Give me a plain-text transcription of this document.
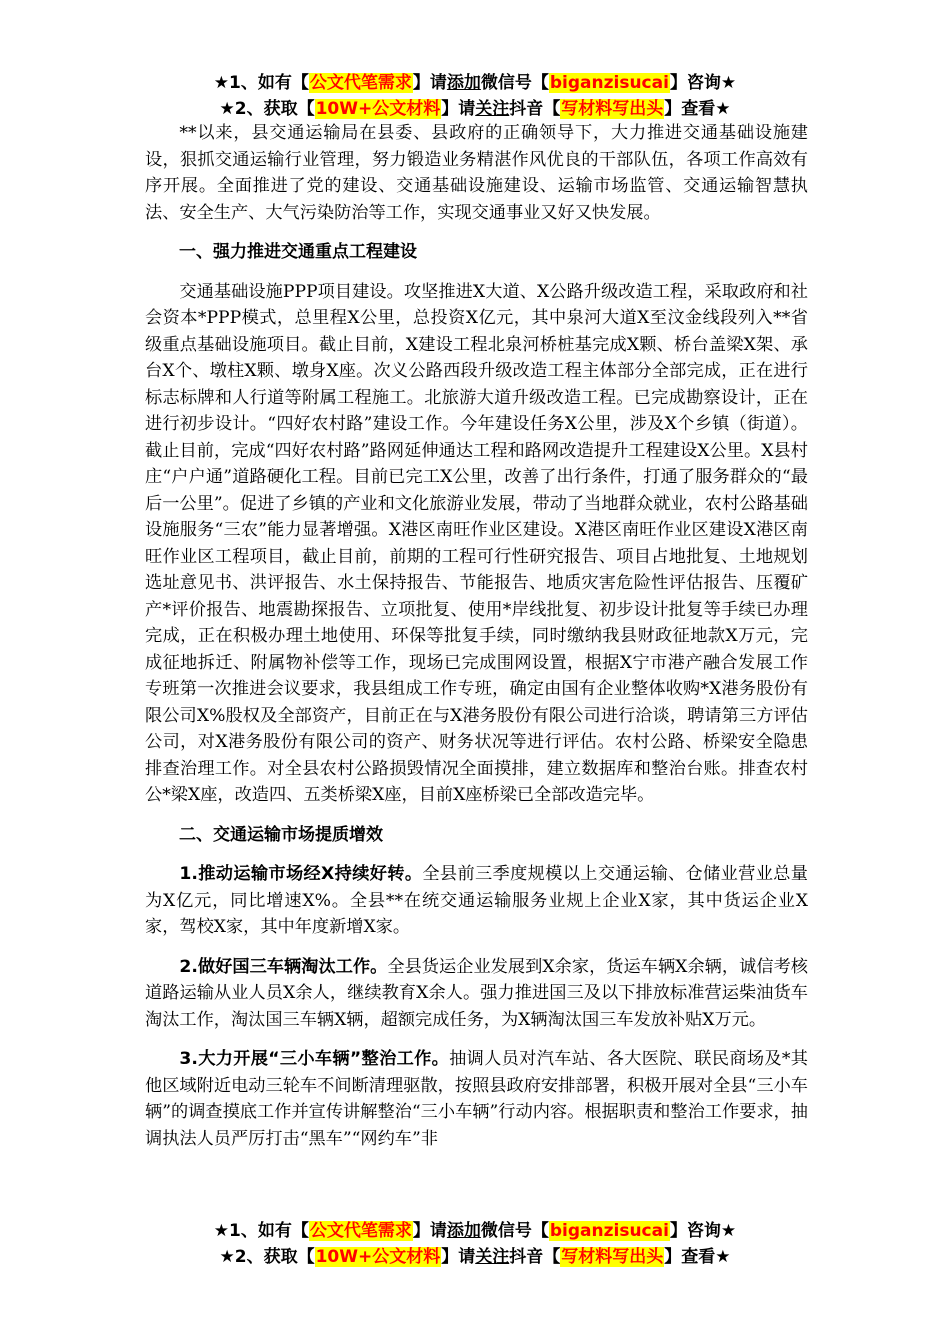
★1、如有【公文代笔需求】请添加微信号【biganzisucai】咨询★
★2、获取【10W+公文材料】请关注抖音【写材料写出头】查看★

**以来，县交通运输局在县委、县政府的正确领导下，大力推进交通基础设施建设，狠抓交通运输行业管理，努力锻造业务精湛作风优良的干部队伍，各项工作高效有序开展。全面推进了党的建设、交通基础设施建设、运输市场监管、交通运输智慧执法、安全生产、大气污染防治等工作，实现交通事业又好又快发展。

一、强力推进交通重点工程建设

交通基础设施PPP项目建设。攻坚推进X大道、X公路升级改造工程，采取政府和社会资本*PPP模式，总里程X公里，总投资X亿元，其中泉河大道X至汶金线段列入**省级重点基础设施项目。截止目前，X建设工程北泉河桥桩基完成X颗、桥台盖梁X架、承台X个、墩柱X颗、墩身X座。次义公路西段升级改造工程主体部分全部完成，正在进行标志标牌和人行道等附属工程施工。北旅游大道升级改造工程。已完成勘察设计，正在进行初步设计。“四好农村路”建设工作。今年建设任务X公里，涉及X个乡镇（街道）。截止目前，完成“四好农村路”路网延伸通达工程和路网改造提升工程建设X公里。X县村庄“户户通”道路硬化工程。目前已完工X公里，改善了出行条件，打通了服务群众的“最后一公里”。促进了乡镇的产业和文化旅游业发展，带动了当地群众就业，农村公路基础设施服务“三农”能力显著增强。X港区南旺作业区建设。X港区南旺作业区建设X港区南旺作业区工程项目，截止目前，前期的工程可行性研究报告、项目占地批复、土地规划选址意见书、洪评报告、水土保持报告、节能报告、地质灾害危险性评估报告、压覆矿产*评价报告、地震勘探报告、立项批复、使用*岸线批复、初步设计批复等手续已办理完成，正在积极办理土地使用、环保等批复手续，同时缴纳我县财政征地款X万元，完成征地拆迁、附属物补偿等工作，现场已完成围网设置，根据X宁市港产融合发展工作专班第一次推进会议要求，我县组成工作专班，确定由国有企业整体收购*X港务股份有限公司X%股权及全部资产，目前正在与X港务股份有限公司进行洽谈，聘请第三方评估公司，对X港务股份有限公司的资产、财务状况等进行评估。农村公路、桥梁安全隐患排查治理工作。对全县农村公路损毁情况全面摸排，建立数据库和整治台账。排查农村公*梁X座，改造四、五类桥梁X座，目前X座桥梁已全部改造完毕。

二、交通运输市场提质增效

1.推动运输市场经X持续好转。全县前三季度规模以上交通运输、仓储业营业总量为X亿元，同比增速X%。全县**在统交通运输服务业规上企业X家，其中货运企业X家，驾校X家，其中年度新增X家。

2.做好国三车辆淘汰工作。全县货运企业发展到X余家，货运车辆X余辆，诚信考核道路运输从业人员X余人，继续教育X余人。强力推进国三及以下排放标准营运柴油货车淘汰工作，淘汰国三车辆X辆，超额完成任务，为X辆淘汰国三车发放补贴X万元。

3.大力开展“三小车辆”整治工作。抽调人员对汽车站、各大医院、联民商场及*其他区域附近电动三轮车不间断清理驱散，按照县政府安排部署，积极开展对全县“三小车辆”的调查摸底工作并宣传讲解整治“三小车辆”行动内容。根据职责和整治工作要求，抽调执法人员严厉打击“黑车”“网约车”非

★1、如有【公文代笔需求】请添加微信号【biganzisucai】咨询★
★2、获取【10W+公文材料】请关注抖音【写材料写出头】查看★
